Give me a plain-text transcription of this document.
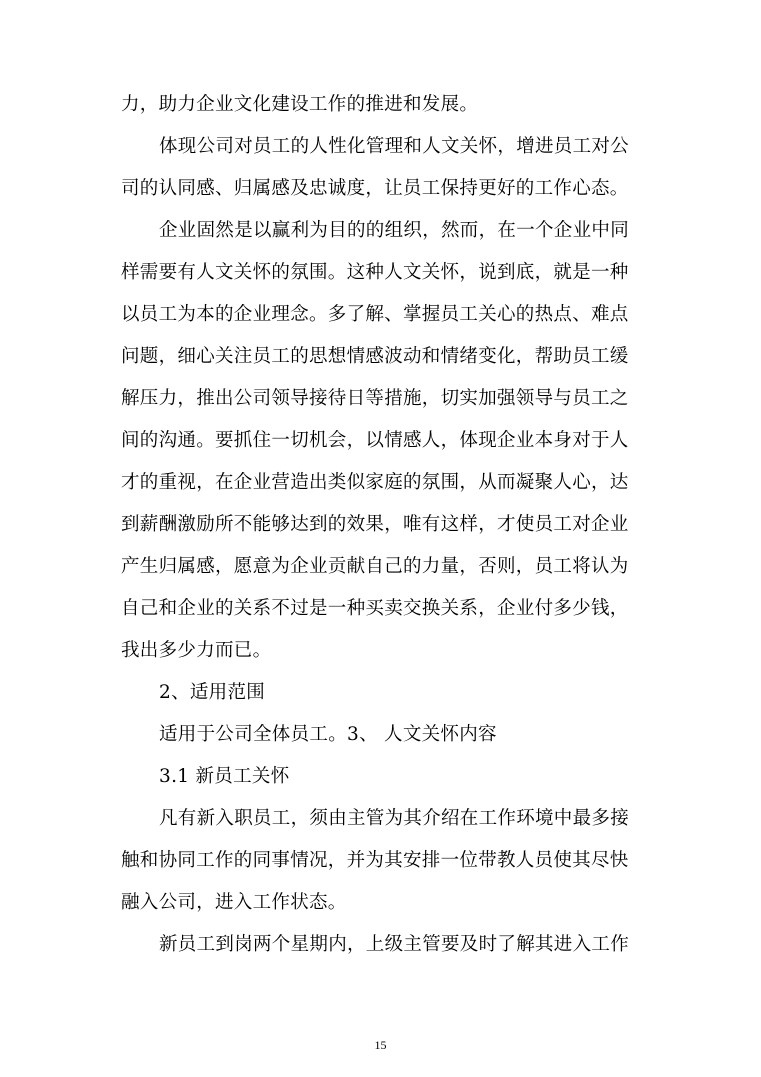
力，助力企业文化建设工作的推进和发展。
体现公司对员工的人性化管理和人文关怀，增进员工对公
司的认同感、归属感及忠诚度，让员工保持更好的工作心态。
企业固然是以赢利为目的的组织，然而，在一个企业中同
样需要有人文关怀的氛围。这种人文关怀，说到底，就是一种
以员工为本的企业理念。多了解、掌握员工关心的热点、难点
问题，细心关注员工的思想情感波动和情绪变化，帮助员工缓
解压力，推出公司领导接待日等措施，切实加强领导与员工之
间的沟通。要抓住一切机会，以情感人，体现企业本身对于人
才的重视，在企业营造出类似家庭的氛围，从而凝聚人心，达
到薪酬激励所不能够达到的效果，唯有这样，才使员工对企业
产生归属感，愿意为企业贡献自己的力量，否则，员工将认为
自己和企业的关系不过是一种买卖交换关系，企业付多少钱，
我出多少力而已。
2、适用范围
适用于公司全体员工。3、 人文关怀内容
3.1 新员工关怀
凡有新入职员工，须由主管为其介绍在工作环境中最多接
触和协同工作的同事情况，并为其安排一位带教人员使其尽快
融入公司，进入工作状态。
新员工到岗两个星期内，上级主管要及时了解其进入工作
15
